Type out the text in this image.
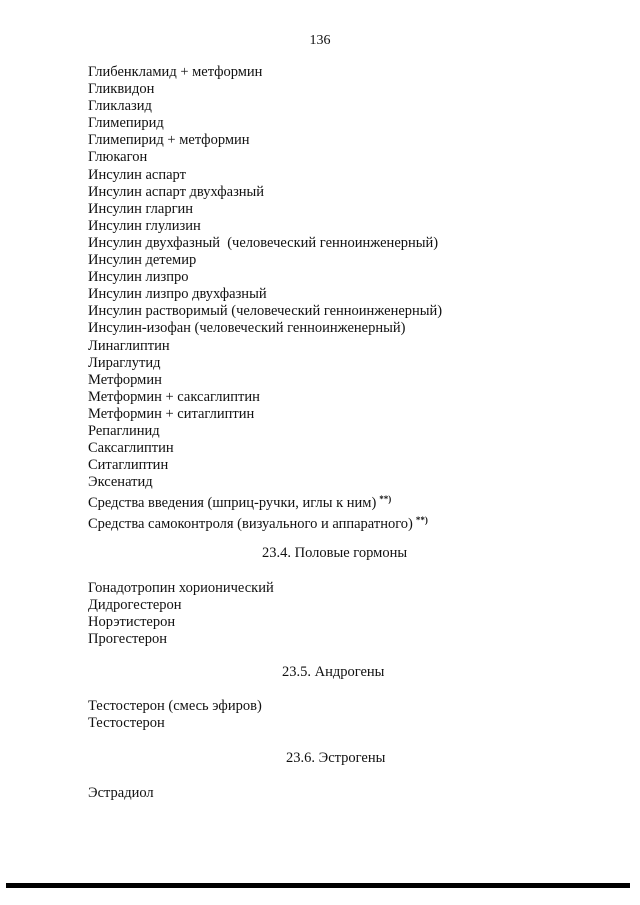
136
Глибенкламид + метформин
Гликвидон
Гликлазид
Глимепирид
Глимепирид + метформин
Глюкагон
Инсулин аспарт
Инсулин аспарт двухфазный
Инсулин гларгин
Инсулин глулизин
Инсулин двухфазный  (человеческий генноинженерный)
Инсулин детемир
Инсулин лизпро
Инсулин лизпро двухфазный
Инсулин растворимый (человеческий генноинженерный)
Инсулин-изофан (человеческий генноинженерный)
Линаглиптин
Лираглутид
Метформин
Метформин + саксаглиптин
Метформин + ситаглиптин
Репаглинид
Саксаглиптин
Ситаглиптин
Эксенатид
Средства введения (шприц-ручки, иглы к ним) **)
Средства самоконтроля (визуального и аппаратного) **)
23.4. Половые гормоны
Гонадотропин хорионический
Дидрогестерон
Норэтистерон
Прогестерон
23.5. Андрогены
Тестостерон (смесь эфиров)
Тестостерон
23.6. Эстрогены
Эстрадиол
